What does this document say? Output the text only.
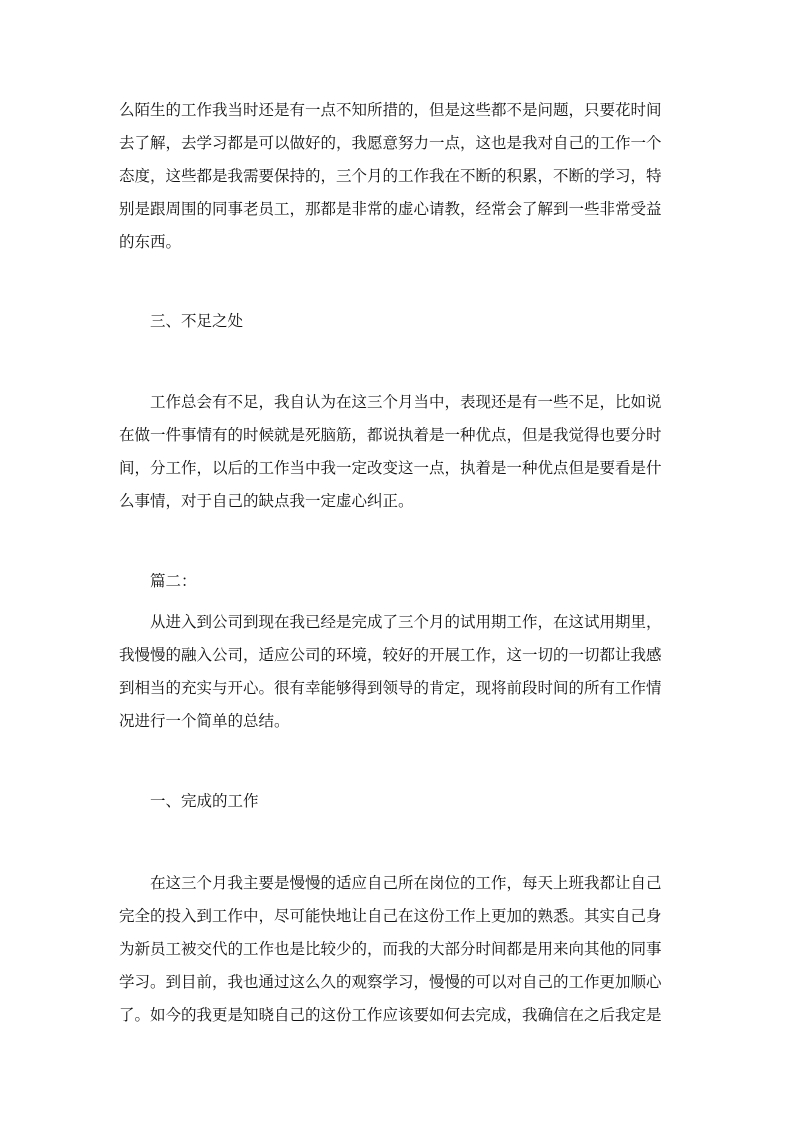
么陌生的工作我当时还是有一点不知所措的，但是这些都不是问题，只要花时间
去了解，去学习都是可以做好的，我愿意努力一点，这也是我对自己的工作一个
态度，这些都是我需要保持的，三个月的工作我在不断的积累，不断的学习，特
别是跟周围的同事老员工，那都是非常的虚心请教，经常会了解到一些非常受益
的东西。
三、不足之处
工作总会有不足，我自认为在这三个月当中，表现还是有一些不足，比如说
在做一件事情有的时候就是死脑筋，都说执着是一种优点，但是我觉得也要分时
间，分工作，以后的工作当中我一定改变这一点，执着是一种优点但是要看是什
么事情，对于自己的缺点我一定虚心纠正。
篇二：
从进入到公司到现在我已经是完成了三个月的试用期工作，在这试用期里，
我慢慢的融入公司，适应公司的环境，较好的开展工作，这一切的一切都让我感
到相当的充实与开心。很有幸能够得到领导的肯定，现将前段时间的所有工作情
况进行一个简单的总结。
一、完成的工作
在这三个月我主要是慢慢的适应自己所在岗位的工作，每天上班我都让自己
完全的投入到工作中，尽可能快地让自己在这份工作上更加的熟悉。其实自己身
为新员工被交代的工作也是比较少的，而我的大部分时间都是用来向其他的同事
学习。到目前，我也通过这么久的观察学习，慢慢的可以对自己的工作更加顺心
了。如今的我更是知晓自己的这份工作应该要如何去完成，我确信在之后我定是
